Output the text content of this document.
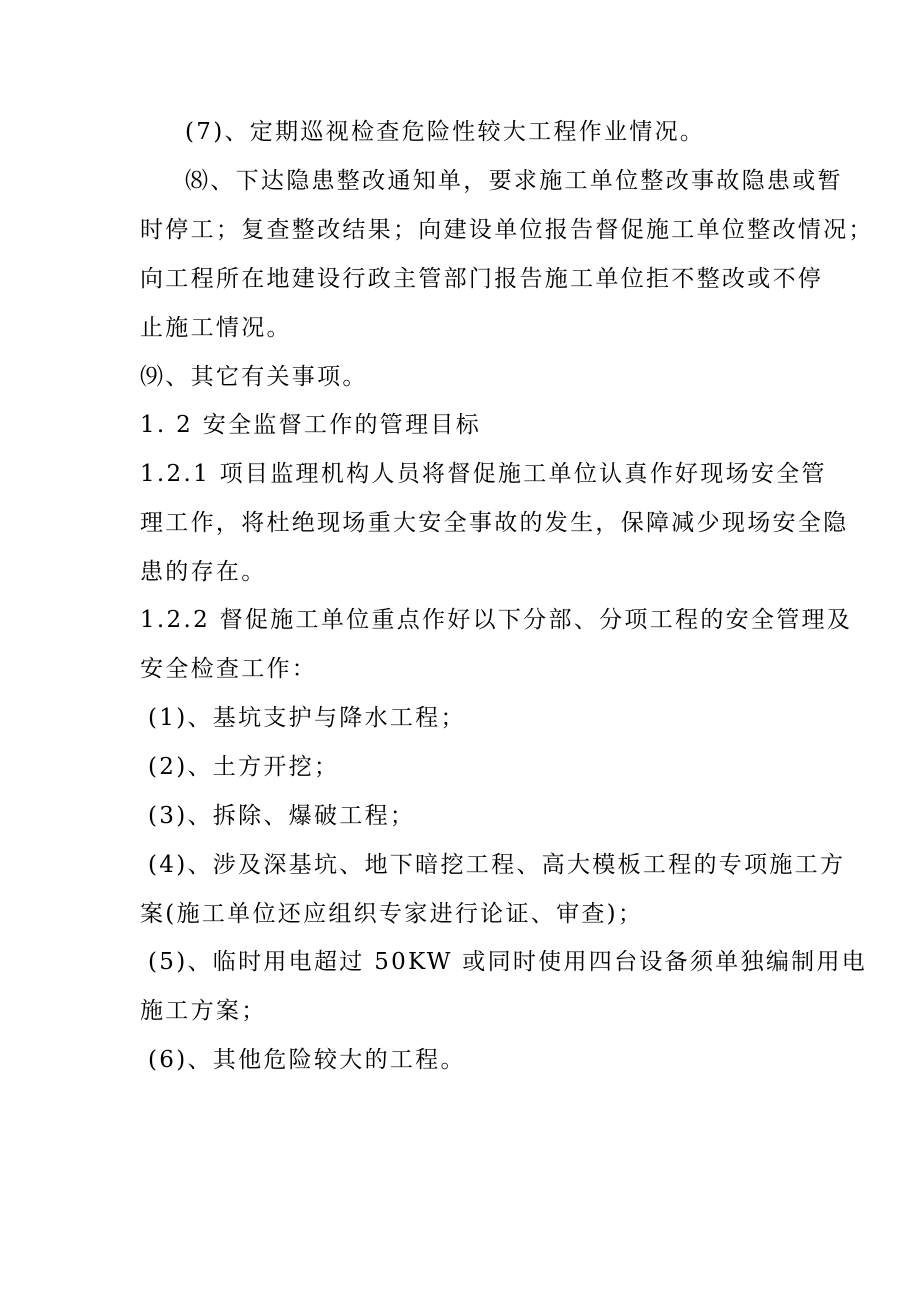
(7)、定期巡视检查危险性较大工程作业情况。
⑻、下达隐患整改通知单，要求施工单位整改事故隐患或暂
时停工；复查整改结果；向建设单位报告督促施工单位整改情况；
向工程所在地建设行政主管部门报告施工单位拒不整改或不停
止施工情况。
⑼、其它有关事项。
1. 2 安全监督工作的管理目标
1.2.1 项目监理机构人员将督促施工单位认真作好现场安全管
理工作，将杜绝现场重大安全事故的发生，保障减少现场安全隐
患的存在。
1.2.2 督促施工单位重点作好以下分部、分项工程的安全管理及
安全检查工作：
(1)、基坑支护与降水工程；
(2)、土方开挖；
(3)、拆除、爆破工程；
(4)、涉及深基坑、地下暗挖工程、高大模板工程的专项施工方
案(施工单位还应组织专家进行论证、审查)；
(5)、临时用电超过 50KW 或同时使用四台设备须单独编制用电
施工方案；
(6)、其他危险较大的工程。
